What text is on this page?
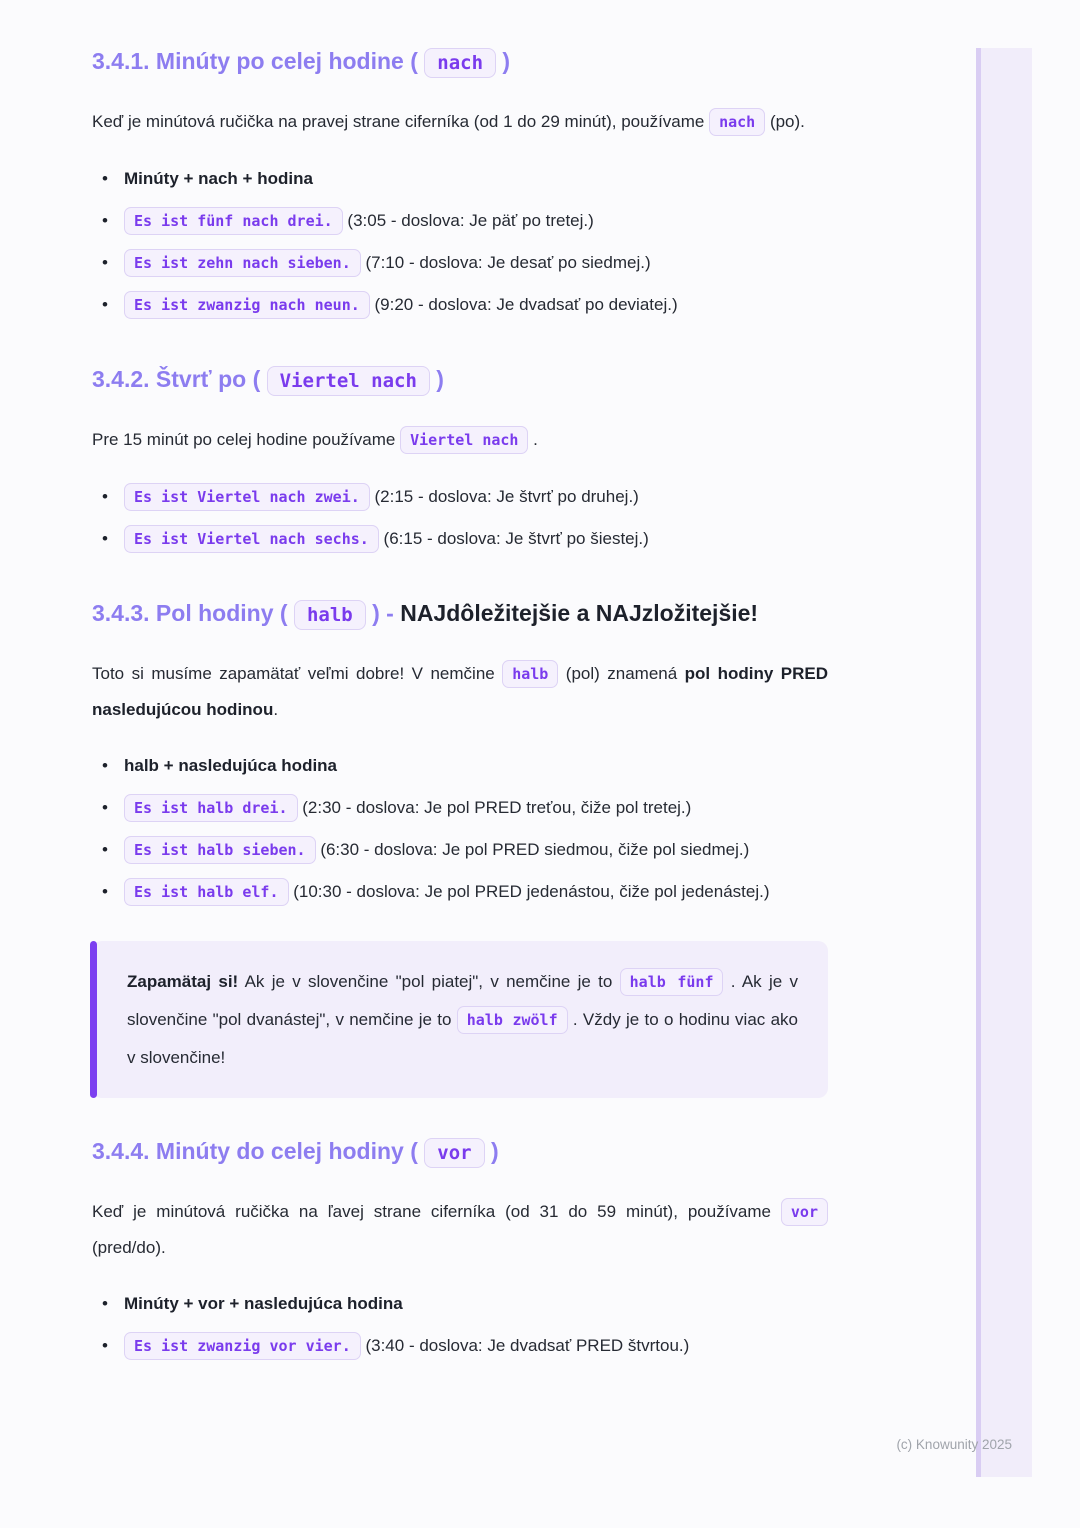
3.4.1. Minúty po celej hodine ( nach )
Keď je minútová ručička na pravej strane ciferníka (od 1 do 29 minút), používame nach (po).
• Minúty + nach + hodina
• Es ist fünf nach drei. (3:05 - doslova: Je päť po tretej.)
• Es ist zehn nach sieben. (7:10 - doslova: Je desať po siedmej.)
• Es ist zwanzig nach neun. (9:20 - doslova: Je dvadsať po deviatej.)
3.4.2. Štvrť po ( Viertel nach )
Pre 15 minút po celej hodine používame Viertel nach .
• Es ist Viertel nach zwei. (2:15 - doslova: Je štvrť po druhej.)
• Es ist Viertel nach sechs. (6:15 - doslova: Je štvrť po šiestej.)
3.4.3. Pol hodiny ( halb ) - NAJdôležitejšie a NAJzložitejšie!
Toto si musíme zapamätať veľmi dobre! V nemčine halb (pol) znamená pol hodiny PRED nasledujúcou hodinou.
• halb + nasledujúca hodina
• Es ist halb drei. (2:30 - doslova: Je pol PRED treťou, čiže pol tretej.)
• Es ist halb sieben. (6:30 - doslova: Je pol PRED siedmou, čiže pol siedmej.)
• Es ist halb elf. (10:30 - doslova: Je pol PRED jedenástou, čiže pol jedenástej.)
Zapamätaj si! Ak je v slovenčine "pol piatej", v nemčine je to halb fünf . Ak je v slovenčine "pol dvanástej", v nemčine je to halb zwölf . Vždy je to o hodinu viac ako v slovenčine!
3.4.4. Minúty do celej hodiny ( vor )
Keď je minútová ručička na ľavej strane ciferníka (od 31 do 59 minút), používame vor (pred/do).
• Minúty + vor + nasledujúca hodina
• Es ist zwanzig vor vier. (3:40 - doslova: Je dvadsať PRED štvrtou.)
(c) Knowunity 2025
